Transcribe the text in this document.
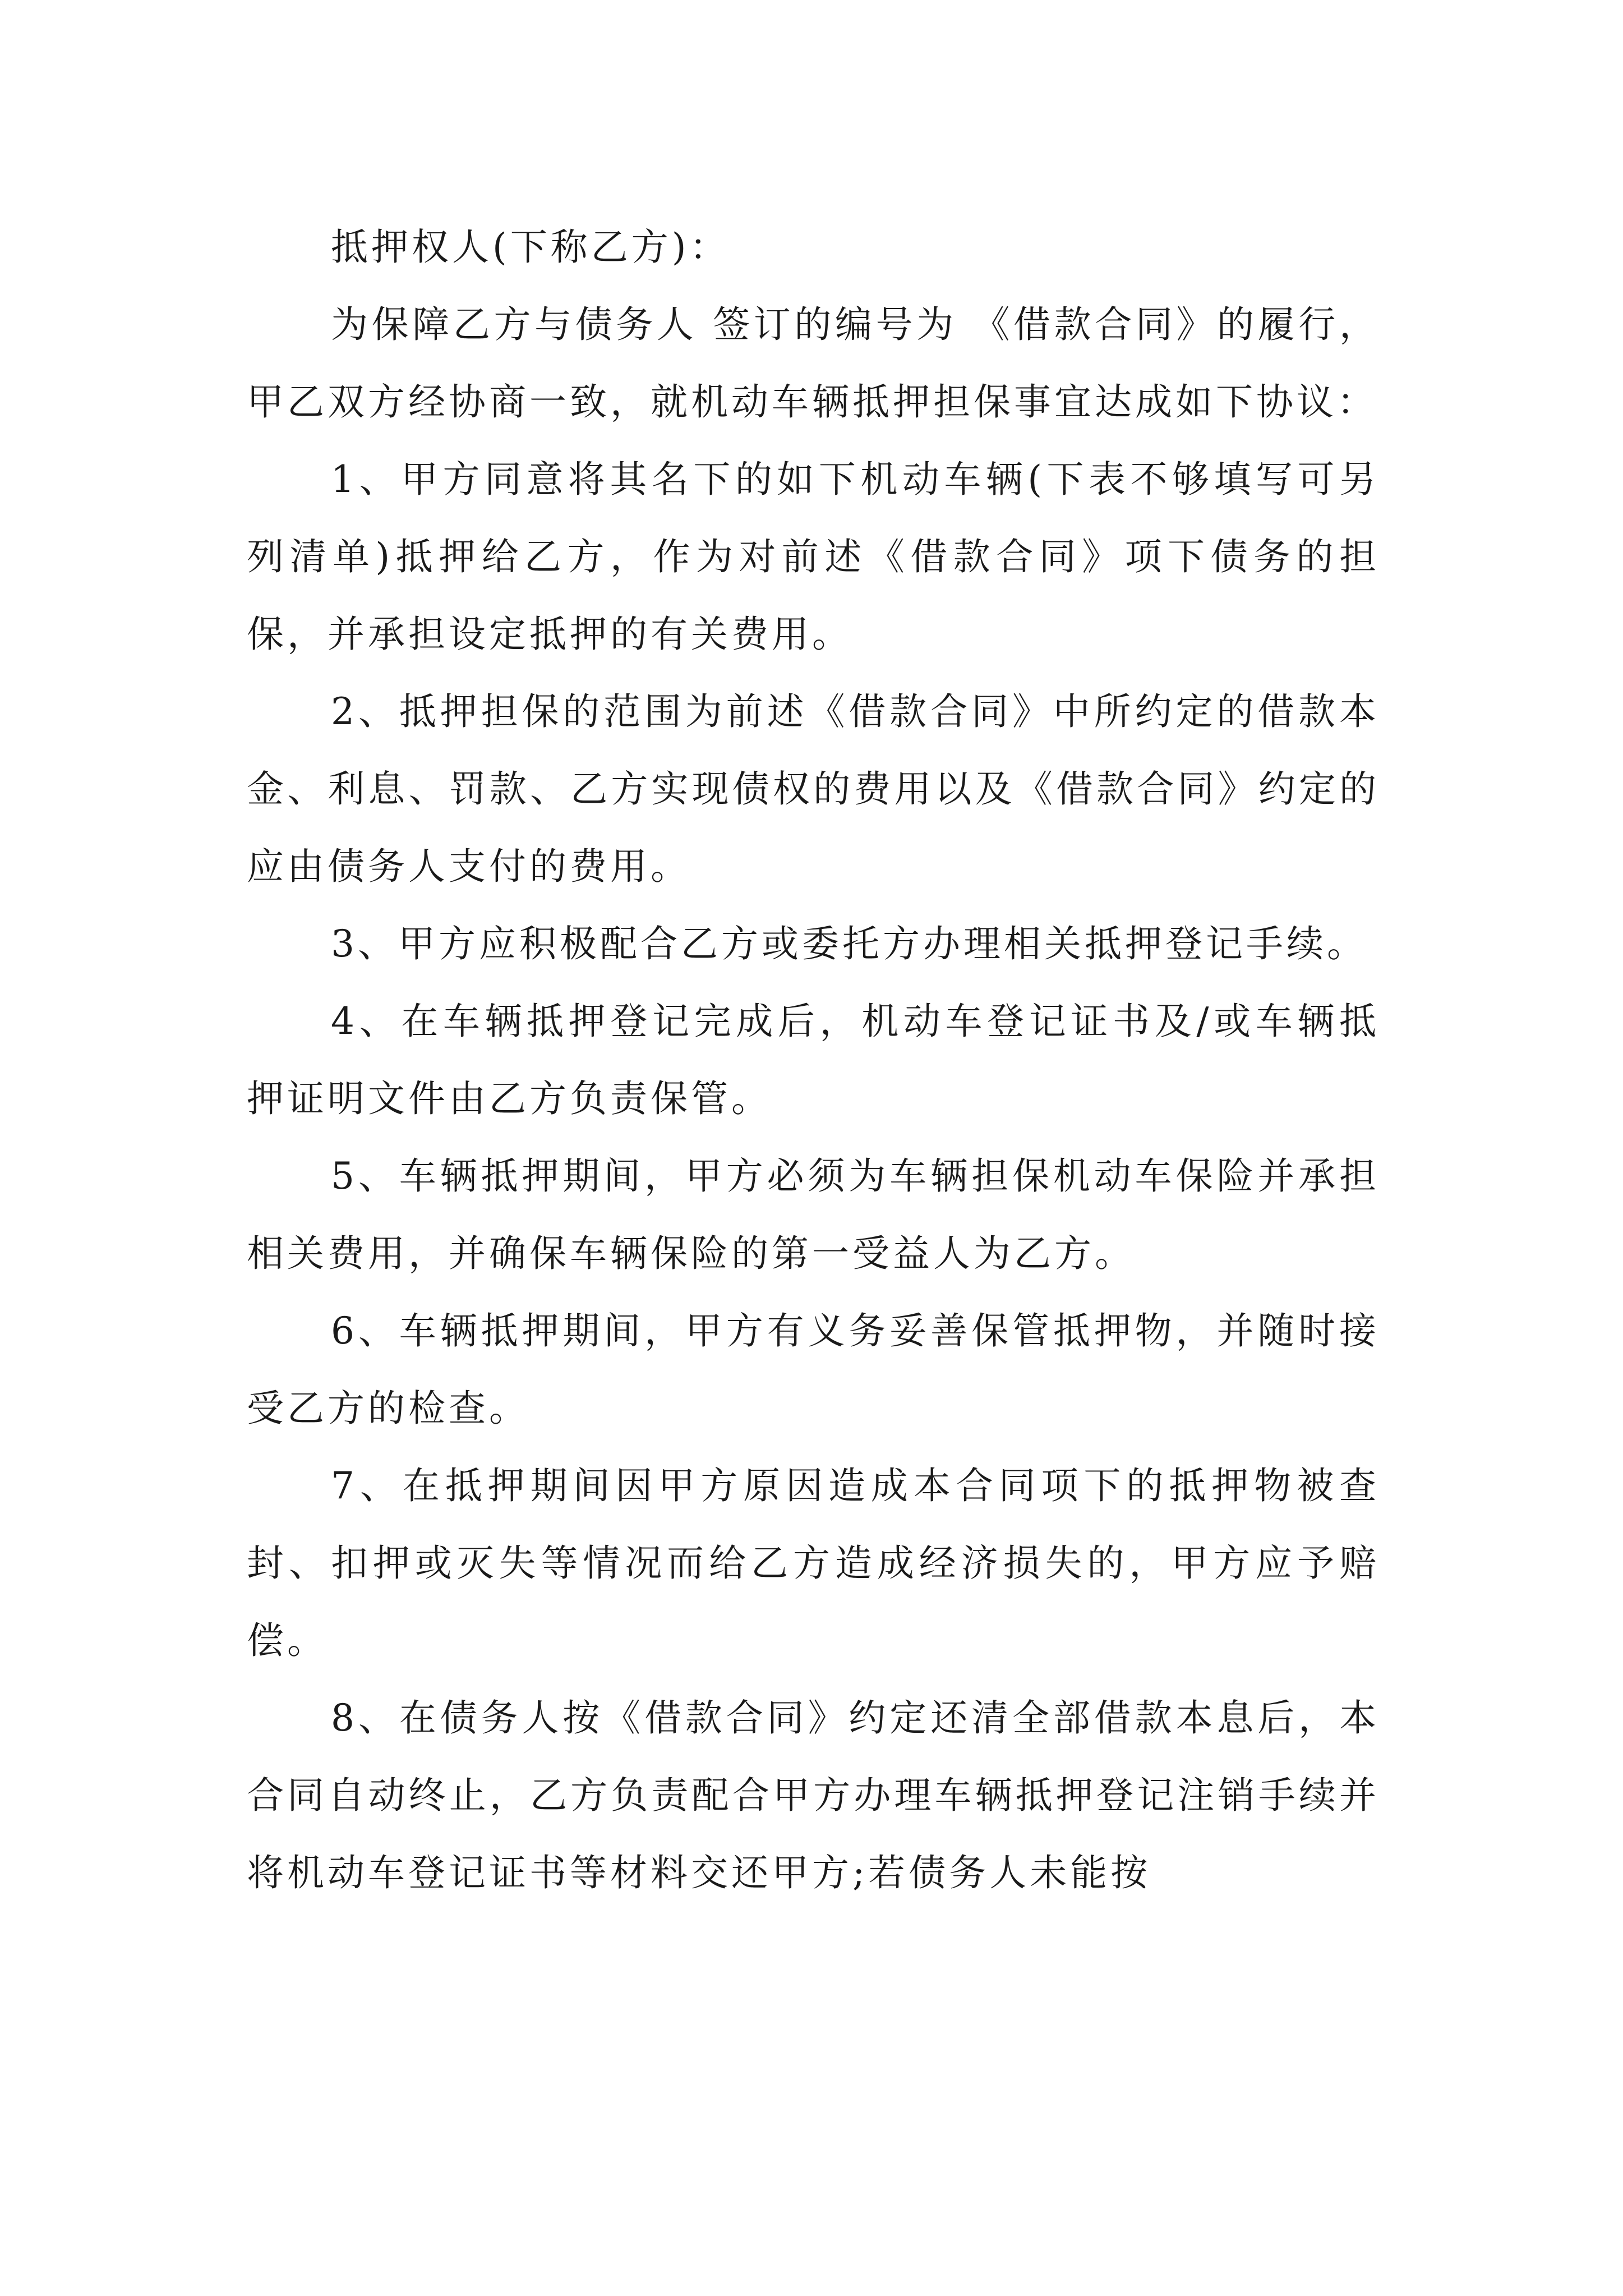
抵押权人(下称乙方)：

为保障乙方与债务人 签订的编号为 《借款合同》的履行，甲乙双方经协商一致，就机动车辆抵押担保事宜达成如下协议：

1、甲方同意将其名下的如下机动车辆(下表不够填写可另列清单)抵押给乙方，作为对前述《借款合同》项下债务的担保，并承担设定抵押的有关费用。

2、抵押担保的范围为前述《借款合同》中所约定的借款本金、利息、罚款、乙方实现债权的费用以及《借款合同》约定的应由债务人支付的费用。

3、甲方应积极配合乙方或委托方办理相关抵押登记手续。

4、在车辆抵押登记完成后，机动车登记证书及/或车辆抵押证明文件由乙方负责保管。

5、车辆抵押期间，甲方必须为车辆担保机动车保险并承担相关费用，并确保车辆保险的第一受益人为乙方。

6、车辆抵押期间，甲方有义务妥善保管抵押物，并随时接受乙方的检查。

7、在抵押期间因甲方原因造成本合同项下的抵押物被查封、扣押或灭失等情况而给乙方造成经济损失的，甲方应予赔偿。

8、在债务人按《借款合同》约定还清全部借款本息后，本合同自动终止，乙方负责配合甲方办理车辆抵押登记注销手续并将机动车登记证书等材料交还甲方;若债务人未能按
